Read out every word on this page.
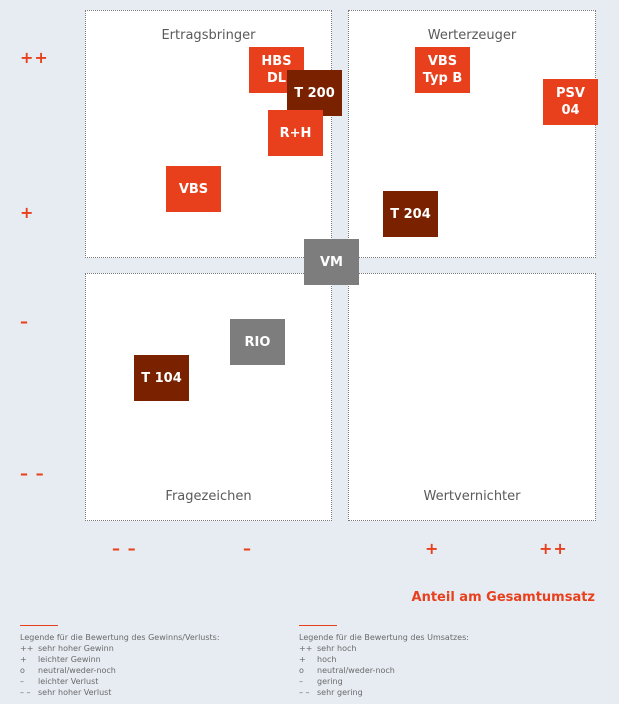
Ertragsbringer	Werterzeuger
Fragezeichen	Wertvernichter
++
+
–
– –
– –	–	+	++
Anteil am Gesamtumsatz
HBS
DL
T 200
R+H
VBS
VBS
Typ B
PSV
04
T 204
VM
RIO
T 104
Legende für die Bewertung des Gewinns/Verlusts:
++ sehr hoher Gewinn
+ leichter Gewinn
o neutral/weder-noch
– leichter Verlust
– – sehr hoher Verlust
Legende für die Bewertung des Umsatzes:
++ sehr hoch
+ hoch
o neutral/weder-noch
– gering
– – sehr gering
